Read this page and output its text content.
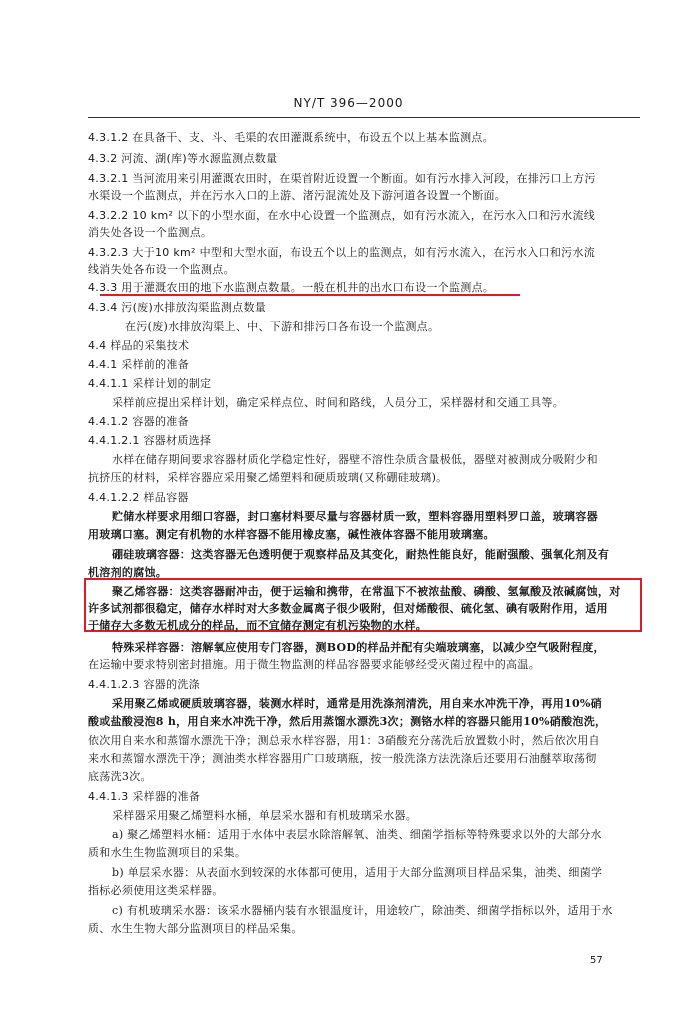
NY/T 396—2000
4.3.1.2 在具备干、支、斗、毛渠的农田灌溉系统中，布设五个以上基本监测点。
4.3.2 河流、湖(库)等水源监测点数量
4.3.2.1 当河流用来引用灌溉农田时，在渠首附近设置一个断面。如有污水排入河段，在排污口上方污
水渠设一个监测点，并在污水入口的上游、渚污混流处及下游河道各设置一个断面。
4.3.2.2 10 km² 以下的小型水面，在水中心设置一个监测点，如有污水流入，在污水入口和污水流线
消失处各设一个监测点。
4.3.2.3 大于10 km² 中型和大型水面，布设五个以上的监测点，如有污水流入，在污水入口和污水流
线消失处各布设一个监测点。
4.3.3 用于灌溉农田的地下水监测点数量。一般在机井的出水口布设一个监测点。
4.3.4 污(废)水排放沟渠监测点数量
在污(废)水排放沟渠上、中、下游和排污口各布设一个监测点。
4.4 样品的采集技术
4.4.1 采样前的准备
4.4.1.1 采样计划的制定
采样前应提出采样计划，确定采样点位、时间和路线，人员分工，采样器材和交通工具等。
4.4.1.2 容器的准备
4.4.1.2.1 容器材质选择
水样在储存期间要求容器材质化学稳定性好，器壁不溶性杂质含量极低，器壁对被测成分吸附少和
抗挤压的材料，采样容器应采用聚乙烯塑料和硬质玻璃(又称硼硅玻璃)。
4.4.1.2.2 样品容器
贮储水样要求用细口容器，封口塞材料要尽量与容器材质一致，塑料容器用塑料罗口盖，玻璃容器
用玻璃口塞。测定有机物的水样容器不能用橡皮塞，碱性液体容器不能用玻璃塞。
硼硅玻璃容器：这类容器无色透明便于观察样品及其变化，耐热性能良好，能耐强酸、强氧化剂及有
机溶剂的腐蚀。
聚乙烯容器：这类容器耐冲击，便于运输和携带，在常温下不被浓盐酸、磷酸、氢氟酸及浓碱腐蚀，对
许多试剂都很稳定，储存水样时对大多数金属离子很少吸附，但对烯酸很、硫化氢、碘有吸附作用，适用
于储存大多数无机成分的样品，而不宜储存测定有机污染物的水样。
特殊采样容器：溶解氧应使用专门容器，测BOD的样品并配有尖端玻璃塞，以减少空气吸附程度，
在运输中要求特别密封措施。用于微生物监测的样品容器要求能够经受灭菌过程中的高温。
4.4.1.2.3 容器的洗涤
采用聚乙烯或硬质玻璃容器，装测水样时，通常是用洗涤剂清洗，用自来水冲洗干净，再用10%硝
酸或盐酸浸泡8 h，用自来水冲洗干净，然后用蒸馏水漂洗3次；测铬水样的容器只能用10%硝酸泡洗，
依次用自来水和蒸馏水漂洗干净；测总汞水样容器，用1：3硝酸充分荡洗后放置数小时，然后依次用自
来水和蒸馏水漂洗干净；测油类水样容器用广口玻璃瓶，按一般洗涤方法洗涤后还要用石油醚萃取荡彻
底荡洗3次。
4.4.1.3 采样器的准备
采样器采用聚乙烯塑料水桶，单层采水器和有机玻璃采水器。
a) 聚乙烯塑料水桶：适用于水体中表层水除溶解氧、油类、细菌学指标等特殊要求以外的大部分水
质和水生生物监测项目的采集。
b) 单层采水器：从表面水到较深的水体都可使用，适用于大部分监测项目样品采集，油类、细菌学
指标必须使用这类采样器。
c) 有机玻璃采水器：该采水器桶内装有水银温度计，用途较广，除油类、细菌学指标以外，适用于水
质、水生生物大部分监测项目的样品采集。
57
